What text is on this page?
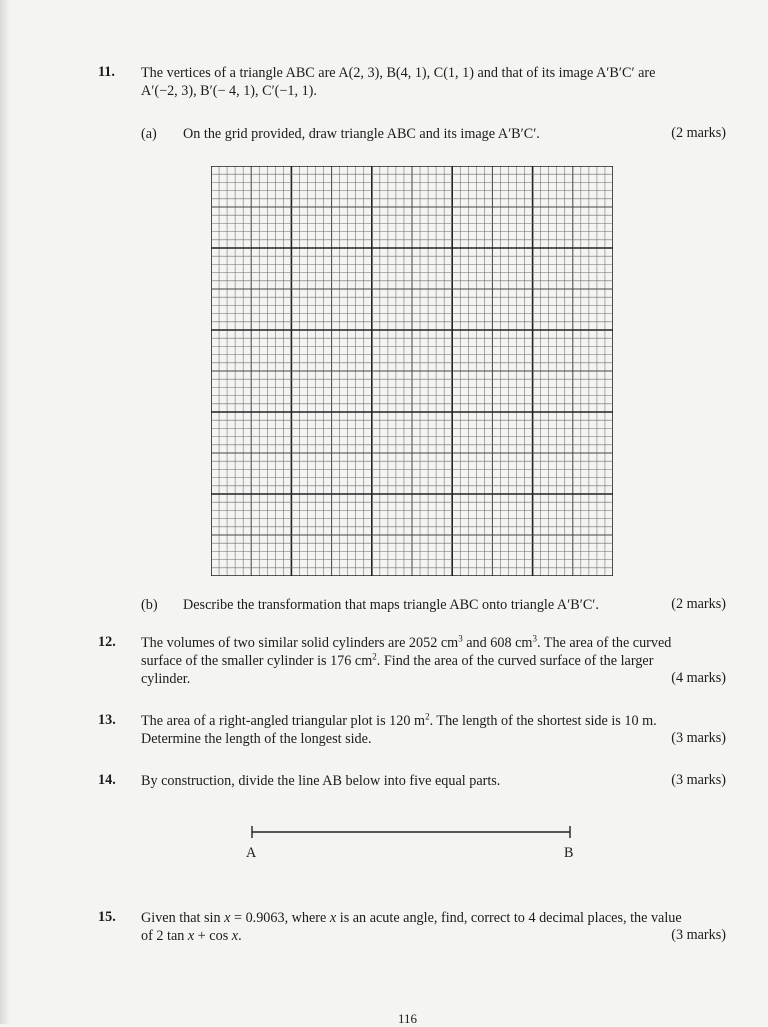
11. The vertices of a triangle ABC are A(2, 3), B(4, 1), C(1, 1) and that of its image A′B′C′ are
A′(−2, 3), B′(− 4, 1), C′(−1, 1).
(a) On the grid provided, draw triangle ABC and its image A′B′C′.	(2 marks)
(b) Describe the transformation that maps triangle ABC onto triangle A′B′C′.	(2 marks)
12. The volumes of two similar solid cylinders are 2052 $cm^3$ and 608 $cm^3$. The area of the curved
surface of the smaller cylinder is 176 $cm^2$. Find the area of the curved surface of the larger
cylinder.	(4 marks)
13. The area of a right-angled triangular plot is 120 $m^2$. The length of the shortest side is 10 m.
Determine the length of the longest side.	(3 marks)
14. By construction, divide the line AB below into five equal parts.	(3 marks)
A	B
15. Given that sin x = 0.9063, where x is an acute angle, find, correct to 4 decimal places, the value
of 2 tan x + cos x.	(3 marks)
116
